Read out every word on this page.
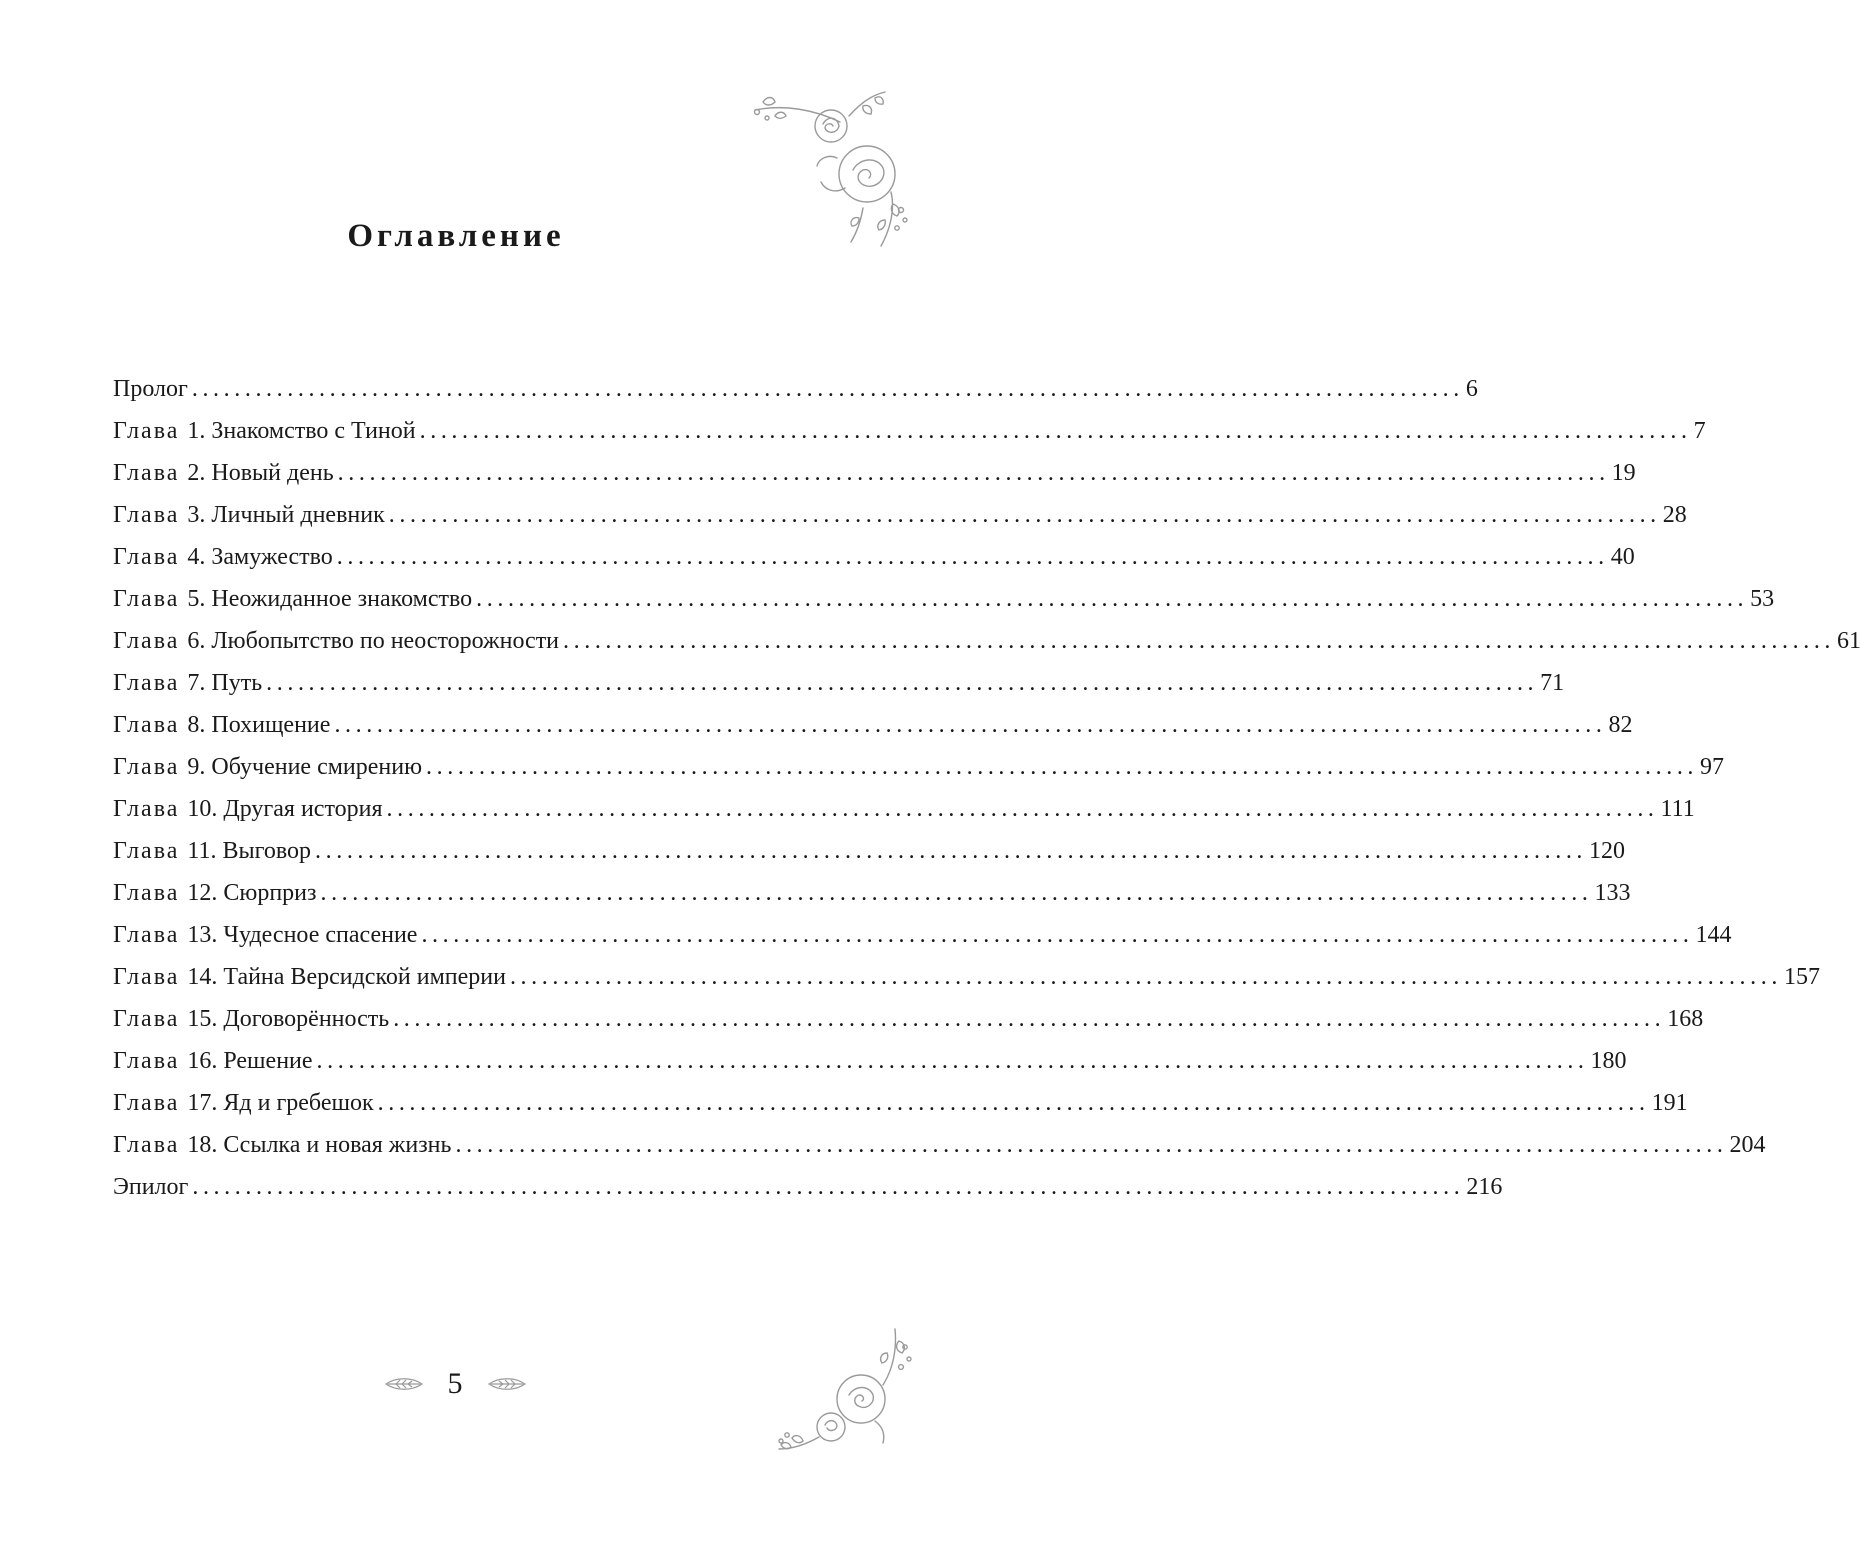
Оглавление
Пролог ........................................................................................................................ 6
Глава 1. Знакомство с Тиной ........................................................................................................................ 7
Глава 2. Новый день ........................................................................................................................ 19
Глава 3. Личный дневник ........................................................................................................................ 28
Глава 4. Замужество ........................................................................................................................ 40
Глава 5. Неожиданное знакомство ........................................................................................................................ 53
Глава 6. Любопытство по неосторожности ........................................................................................................................ 61
Глава 7. Путь ........................................................................................................................ 71
Глава 8. Похищение ........................................................................................................................ 82
Глава 9. Обучение смирению ........................................................................................................................ 97
Глава 10. Другая история ........................................................................................................................ 111
Глава 11. Выговор ........................................................................................................................ 120
Глава 12. Сюрприз ........................................................................................................................ 133
Глава 13. Чудесное спасение ........................................................................................................................ 144
Глава 14. Тайна Версидской империи ........................................................................................................................ 157
Глава 15. Договорённость ........................................................................................................................ 168
Глава 16. Решение ........................................................................................................................ 180
Глава 17. Яд и гребешок ........................................................................................................................ 191
Глава 18. Ссылка и новая жизнь ........................................................................................................................ 204
Эпилог ........................................................................................................................ 216
5
